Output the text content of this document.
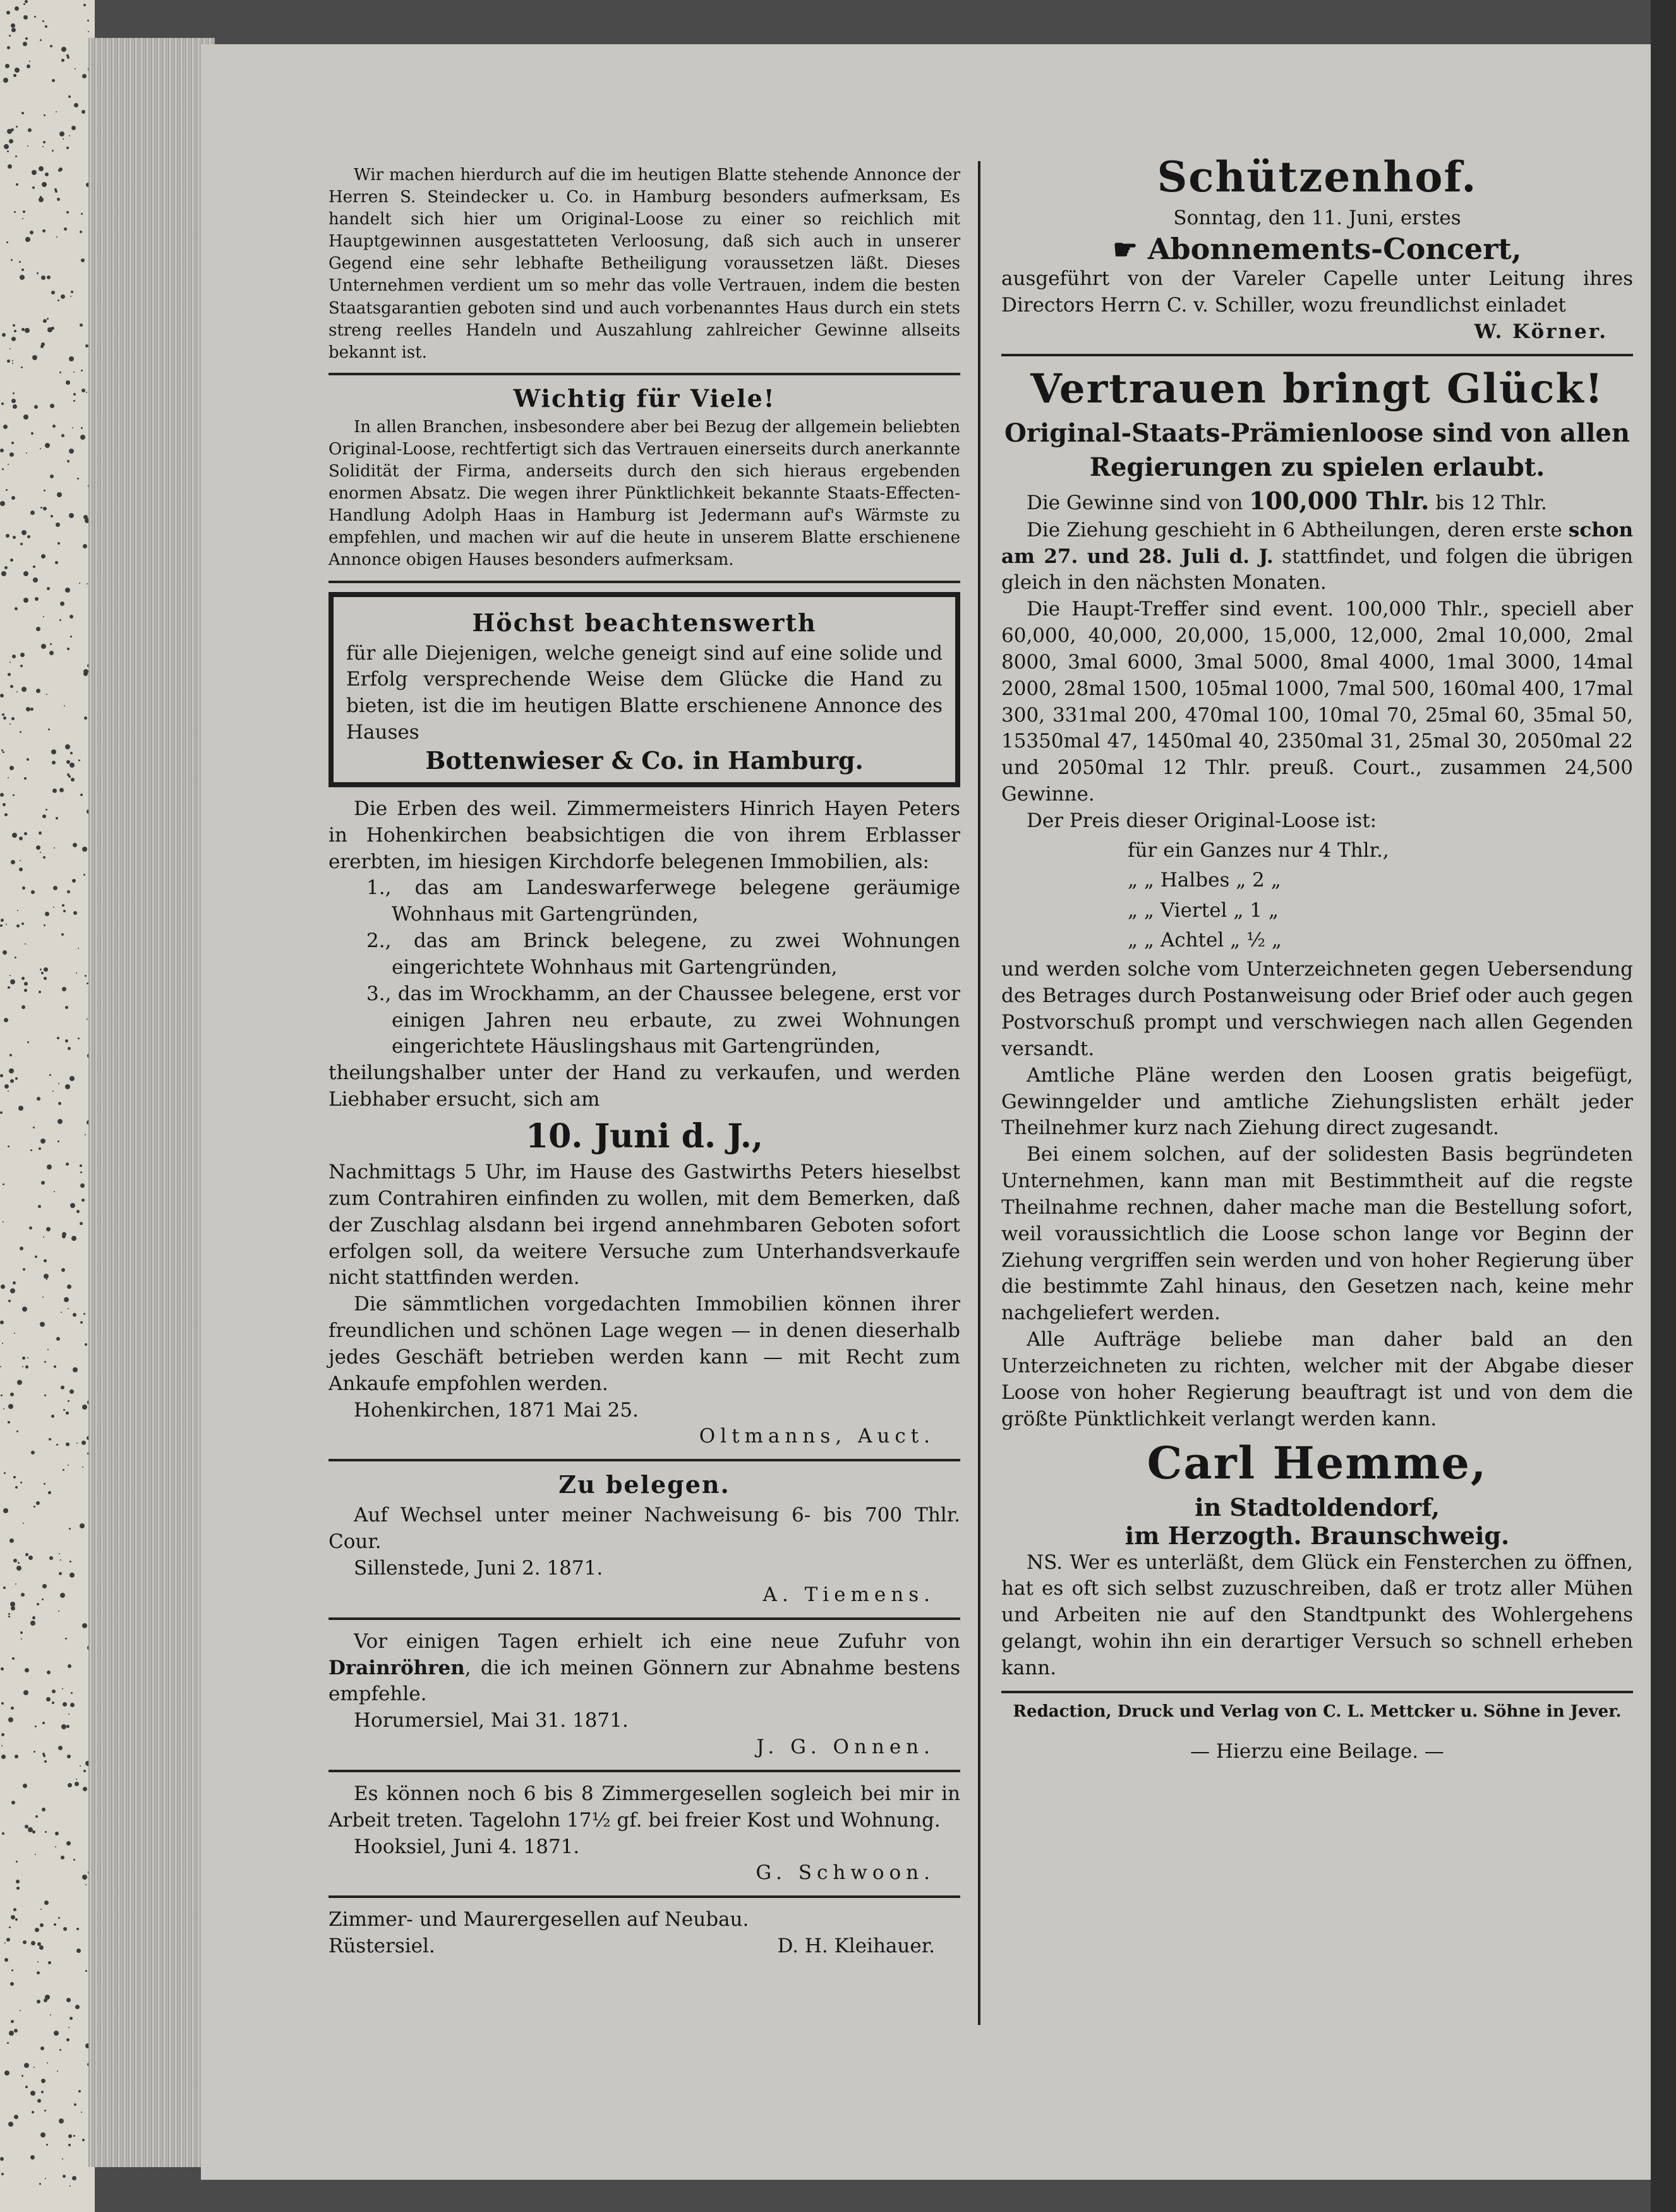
Wir machen hierdurch auf die im heutigen Blatte stehende Annonce der Herren S. Steindecker u. Co. in Hamburg besonders aufmerksam, Es handelt sich hier um Original-Loose zu einer so reichlich mit Hauptgewinnen ausgestatteten Verloosung, daß sich auch in unserer Gegend eine sehr lebhafte Betheiligung voraussetzen läßt. Dieses Unternehmen verdient um so mehr das volle Vertrauen, indem die besten Staatsgarantien geboten sind und auch vorbenanntes Haus durch ein stets streng reelles Handeln und Auszahlung zahlreicher Gewinne allseits bekannt ist.

Wichtig für Viele!

In allen Branchen, insbesondere aber bei Bezug der allgemein beliebten Original-Loose, rechtfertigt sich das Vertrauen einerseits durch anerkannte Solidität der Firma, anderseits durch den sich hieraus ergebenden enormen Absatz. Die wegen ihrer Pünktlichkeit bekannte Staats-Effecten-Handlung Adolph Haas in Hamburg ist Jedermann auf's Wärmste zu empfehlen, und machen wir auf die heute in unserem Blatte erschienene Annonce obigen Hauses besonders aufmerksam.

Höchst beachtenswerth

für alle Diejenigen, welche geneigt sind auf eine solide und Erfolg versprechende Weise dem Glücke die Hand zu bieten, ist die im heutigen Blatte erschienene Annonce des Hauses

Bottenwieser & Co. in Hamburg.

Die Erben des weil. Zimmermeisters Hinrich Hayen Peters in Hohenkirchen beabsichtigen die von ihrem Erblasser ererbten, im hiesigen Kirchdorfe belegenen Immobilien, als:

1., das am Landeswarferwege belegene geräumige Wohnhaus mit Gartengründen,

2., das am Brinck belegene, zu zwei Wohnungen eingerichtete Wohnhaus mit Gartengründen,

3., das im Wrockhamm, an der Chaussee belegene, erst vor einigen Jahren neu erbaute, zu zwei Wohnungen eingerichtete Häuslingshaus mit Gartengründen,

theilungshalber unter der Hand zu verkaufen, und werden Liebhaber ersucht, sich am

10. Juni d. J.,

Nachmittags 5 Uhr, im Hause des Gastwirths Peters hieselbst zum Contrahiren einfinden zu wollen, mit dem Bemerken, daß der Zuschlag alsdann bei irgend annehmbaren Geboten sofort erfolgen soll, da weitere Versuche zum Unterhandsverkaufe nicht stattfinden werden.

Die sämmtlichen vorgedachten Immobilien können ihrer freundlichen und schönen Lage wegen — in denen dieserhalb jedes Geschäft betrieben werden kann — mit Recht zum Ankaufe empfohlen werden.

Hohenkirchen, 1871 Mai 25.

Oltmanns, Auct.

Zu belegen.

Auf Wechsel unter meiner Nachweisung 6- bis 700 Thlr. Cour.

Sillenstede, Juni 2. 1871.

A. Tiemens.

Vor einigen Tagen erhielt ich eine neue Zufuhr von Drainröhren, die ich meinen Gönnern zur Abnahme bestens empfehle.

Horumersiel, Mai 31. 1871.

J. G. Onnen.

Es können noch 6 bis 8 Zimmergesellen sogleich bei mir in Arbeit treten. Tagelohn 17½ gf. bei freier Kost und Wohnung.

Hooksiel, Juni 4. 1871.

G. Schwoon.

Zimmer- und Maurergesellen auf Neubau.

Rüstersiel.	D. H. Kleihauer.

Schützenhof.

Sonntag, den 11. Juni, erstes

☛ Abonnements-Concert,

ausgeführt von der Vareler Capelle unter Leitung ihres Directors Herrn C. v. Schiller, wozu freundlichst einladet

W. Körner.

Vertrauen bringt Glück!

Original-Staats-Prämienloose sind von allen Regierungen zu spielen erlaubt.

Die Gewinne sind von 100,000 Thlr. bis 12 Thlr.

Die Ziehung geschieht in 6 Abtheilungen, deren erste schon am 27. und 28. Juli d. J. stattfindet, und folgen die übrigen gleich in den nächsten Monaten.

Die Haupt-Treffer sind event. 100,000 Thlr., speciell aber 60,000, 40,000, 20,000, 15,000, 12,000, 2mal 10,000, 2mal 8000, 3mal 6000, 3mal 5000, 8mal 4000, 1mal 3000, 14mal 2000, 28mal 1500, 105mal 1000, 7mal 500, 160mal 400, 17mal 300, 331mal 200, 470mal 100, 10mal 70, 25mal 60, 35mal 50, 15350mal 47, 1450mal 40, 2350mal 31, 25mal 30, 2050mal 22 und 2050mal 12 Thlr. preuß. Court., zusammen 24,500 Gewinne.

Der Preis dieser Original-Loose ist:

für ein Ganzes nur 4 Thlr.,
„ „ Halbes „ 2 „
„ „ Viertel „ 1 „
„ „ Achtel „ ½ „

und werden solche vom Unterzeichneten gegen Uebersendung des Betrages durch Postanweisung oder Brief oder auch gegen Postvorschuß prompt und verschwiegen nach allen Gegenden versandt.

Amtliche Pläne werden den Loosen gratis beigefügt, Gewinngelder und amtliche Ziehungslisten erhält jeder Theilnehmer kurz nach Ziehung direct zugesandt.

Bei einem solchen, auf der solidesten Basis begründeten Unternehmen, kann man mit Bestimmtheit auf die regste Theilnahme rechnen, daher mache man die Bestellung sofort, weil voraussichtlich die Loose schon lange vor Beginn der Ziehung vergriffen sein werden und von hoher Regierung über die bestimmte Zahl hinaus, den Gesetzen nach, keine mehr nachgeliefert werden.

Alle Aufträge beliebe man daher bald an den Unterzeichneten zu richten, welcher mit der Abgabe dieser Loose von hoher Regierung beauftragt ist und von dem die größte Pünktlichkeit verlangt werden kann.

Carl Hemme,
in Stadtoldendorf,
im Herzogth. Braunschweig.

NS. Wer es unterläßt, dem Glück ein Fensterchen zu öffnen, hat es oft sich selbst zuzuschreiben, daß er trotz aller Mühen und Arbeiten nie auf den Standtpunkt des Wohlergehens gelangt, wohin ihn ein derartiger Versuch so schnell erheben kann.

Redaction, Druck und Verlag von C. L. Mettcker u. Söhne in Jever.
— Hierzu eine Beilage. —
